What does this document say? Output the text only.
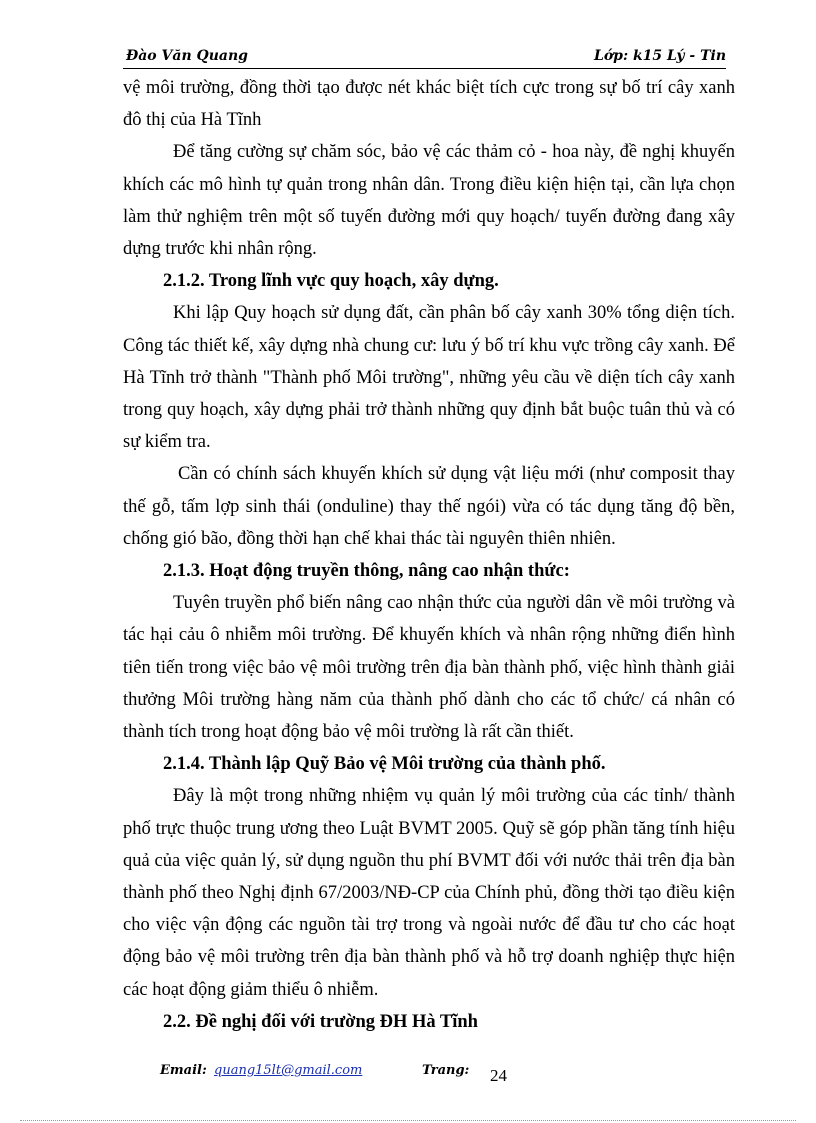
Đào Văn Quang	Lớp: k15 Lý - Tin

vệ môi trường, đồng thời tạo được nét khác biệt tích cực trong sự bố trí cây xanh đô thị của Hà Tĩnh

Để tăng cường sự chăm sóc, bảo vệ các thảm cỏ - hoa này, đề nghị khuyến khích các mô hình tự quản trong nhân dân. Trong điều kiện hiện tại, cần lựa chọn làm thử nghiệm trên một số tuyến đường mới quy hoạch/ tuyến đường đang xây dựng trước khi nhân rộng.

2.1.2. Trong lĩnh vực quy hoạch, xây dựng.

Khi lập Quy hoạch sử dụng đất, cần phân bố cây xanh 30% tổng diện tích. Công tác thiết kế, xây dựng nhà chung cư: lưu ý bố trí khu vực trồng cây xanh. Để Hà Tĩnh trở thành "Thành phố Môi trường", những yêu cầu về diện tích cây xanh trong quy hoạch, xây dựng phải trở thành những quy định bắt buộc tuân thủ và có sự kiểm tra.

Cần có chính sách khuyến khích sử dụng vật liệu mới (như composit thay thế gỗ, tấm lợp sinh thái (onduline) thay thế ngói) vừa có tác dụng tăng độ bền, chống gió bão, đồng thời hạn chế khai thác tài nguyên thiên nhiên.

2.1.3. Hoạt động truyền thông, nâng cao nhận thức:

Tuyên truyền phổ biến nâng cao nhận thức của người dân về môi trường và tác hại cảu ô nhiễm môi trường. Để khuyến khích và nhân rộng những điển hình tiên tiến trong việc bảo vệ môi trường trên địa bàn thành phố, việc hình thành giải thưởng Môi trường hàng năm của thành phố dành cho các tổ chức/ cá nhân có thành tích trong hoạt động bảo vệ môi trường là rất cần thiết.

2.1.4. Thành lập Quỹ Bảo vệ Môi trường của thành phố.

Đây là một trong những nhiệm vụ quản lý môi trường của các tỉnh/ thành phố trực thuộc trung ương theo Luật BVMT 2005. Quỹ sẽ góp phần tăng tính hiệu quả của việc quản lý, sử dụng nguồn thu phí BVMT đối với nước thải trên địa bàn thành phố theo Nghị định 67/2003/NĐ-CP của Chính phủ, đồng thời tạo điều kiện cho việc vận động các nguồn tài trợ trong và ngoài nước để đầu tư cho các hoạt động bảo vệ môi trường trên địa bàn thành phố và hỗ trợ doanh nghiệp thực hiện các hoạt động giảm thiểu ô nhiễm.

2.2. Đề nghị đối với trường ĐH Hà Tĩnh
Email: quang15lt@gmail.com	Trang: 24
